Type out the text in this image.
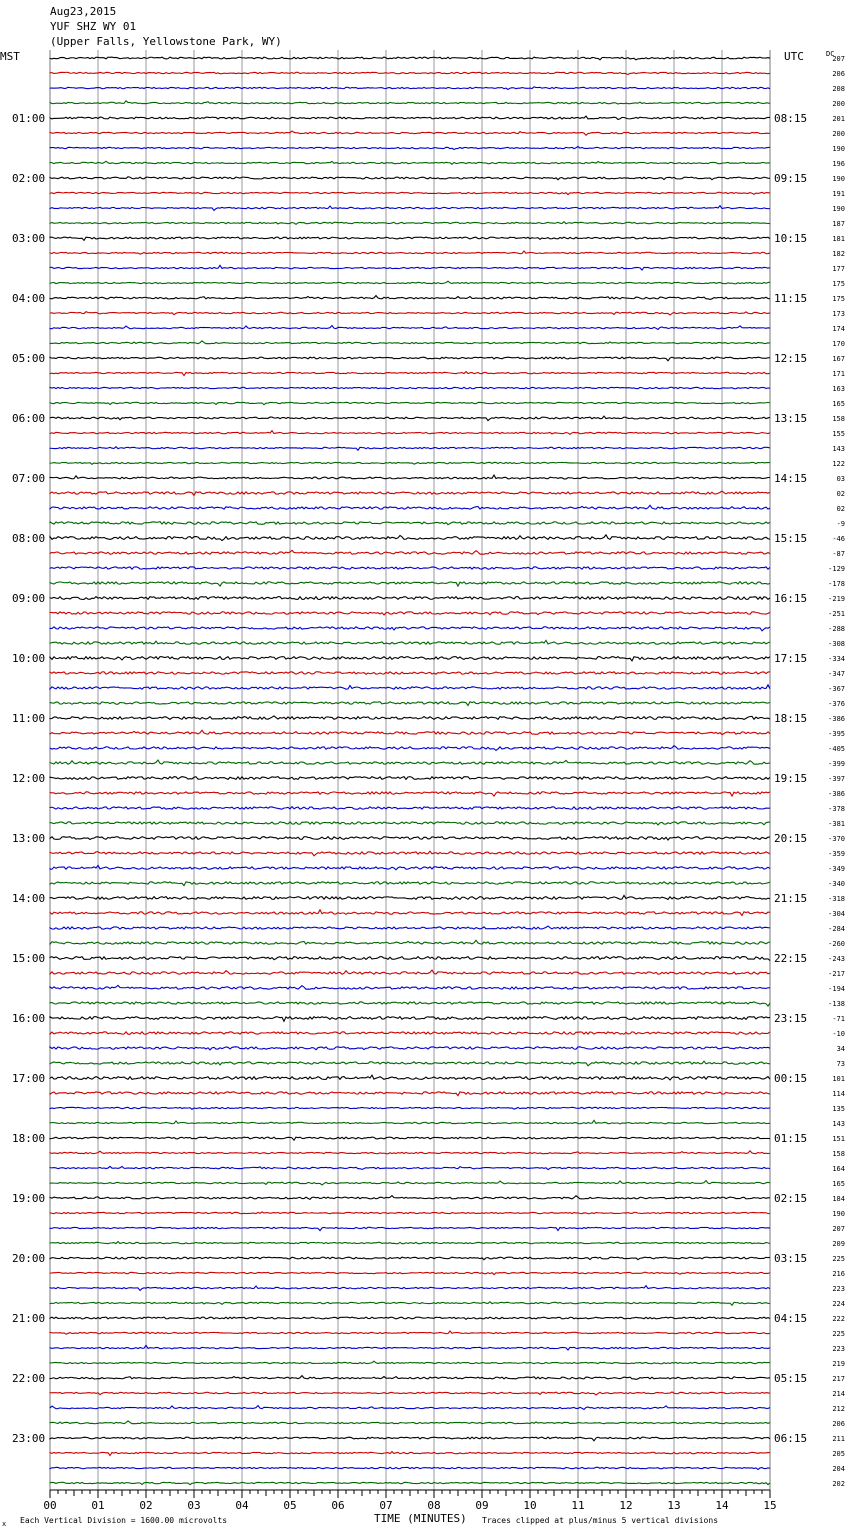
Aug23,2015
YUF SHZ WY 01
(Upper Falls, Yellowstone Park, WY)
01:00
02:00
03:00
04:00
05:00
06:00
07:00
08:00
09:00
10:00
11:00
12:00
13:00
14:00
15:00
16:00
17:00
18:00
19:00
20:00
21:00
22:00
23:00
08:15
09:15
10:15
11:15
12:15
13:15
14:15
15:15
16:15
17:15
18:15
19:15
20:15
21:15
22:15
23:15
00:15
01:15
02:15
03:15
04:15
05:15
06:15
207
206
208
200
201
200
190
196
190
191
190
187
181
182
177
175
175
173
174
170
167
171
163
165
158
155
143
122
03
02
02
-9
-46
-87
-129
-178
-219
-251
-288
-308
-334
-347
-367
-376
-386
-395
-405
-399
-397
-386
-378
-381
-370
-359
-349
-340
-318
-304
-284
-260
-243
-217
-194
-138
-71
-10
34
73
101
114
135
143
151
158
164
165
184
190
207
209
225
216
223
224
222
225
223
219
217
214
212
206
211
205
204
202
00	01	02	03	04	05	06	07	08	09	10	11	12	13	14	15
MST	UTC	DC
TIME (MINUTES)
Each Vertical Division = 1600.00 microvolts	Traces clipped at plus/minus 5 vertical divisions
x
